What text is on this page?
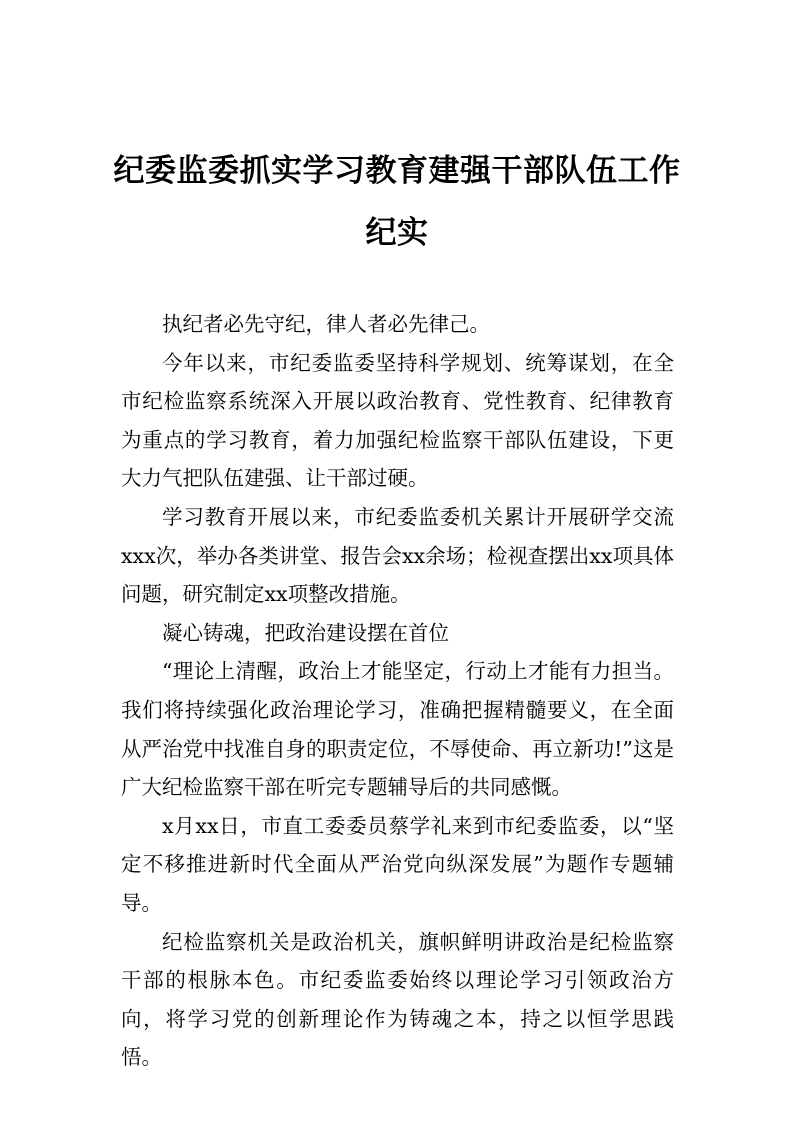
纪委监委抓实学习教育建强干部队伍工作纪实

执纪者必先守纪，律人者必先律己。

今年以来，市纪委监委坚持科学规划、统筹谋划，在全市纪检监察系统深入开展以政治教育、党性教育、纪律教育为重点的学习教育，着力加强纪检监察干部队伍建设，下更大力气把队伍建强、让干部过硬。

学习教育开展以来，市纪委监委机关累计开展研学交流xxx次，举办各类讲堂、报告会xx余场；检视查摆出xx项具体问题，研究制定xx项整改措施。

凝心铸魂，把政治建设摆在首位

“理论上清醒，政治上才能坚定，行动上才能有力担当。我们将持续强化政治理论学习，准确把握精髓要义，在全面从严治党中找准自身的职责定位，不辱使命、再立新功!”这是广大纪检监察干部在听完专题辅导后的共同感慨。

x月xx日，市直工委委员蔡学礼来到市纪委监委，以“坚定不移推进新时代全面从严治党向纵深发展”为题作专题辅导。

纪检监察机关是政治机关，旗帜鲜明讲政治是纪检监察干部的根脉本色。市纪委监委始终以理论学习引领政治方向，将学习党的创新理论作为铸魂之本，持之以恒学思践悟。
